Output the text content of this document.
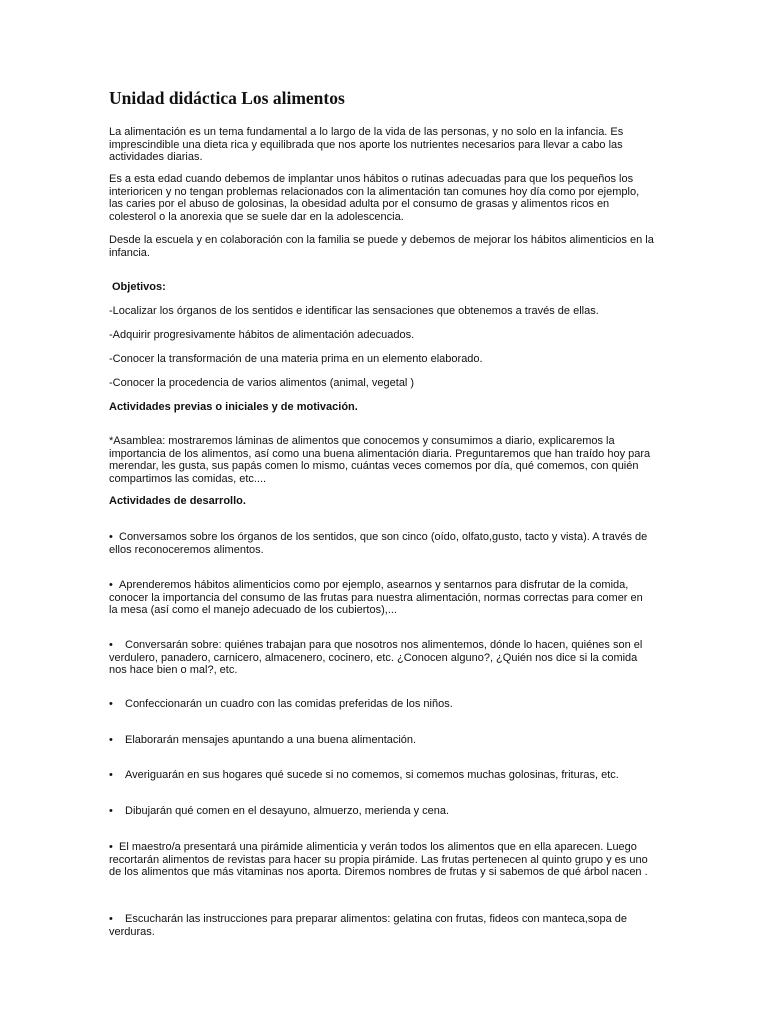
Unidad didáctica Los alimentos

La alimentación es un tema fundamental a lo largo de la vida de las personas, y no solo en la infancia. Es imprescindible una dieta rica y equilibrada que nos aporte los nutrientes necesarios para llevar a cabo las actividades diarias.

Es a esta edad cuando debemos de implantar unos hábitos o rutinas adecuadas para que los pequeños los interioricen y no tengan problemas relacionados con la alimentación tan comunes hoy día como por ejemplo, las caries por el abuso de golosinas, la obesidad adulta por el consumo de grasas y alimentos ricos en colesterol o la anorexia que se suele dar en la adolescencia.

Desde la escuela y en colaboración con la familia se puede y debemos de mejorar los hábitos alimenticios en la infancia.

Objetivos:

-Localizar los órganos de los sentidos e identificar las sensaciones que obtenemos a través de ellas.

-Adquirir progresivamente hábitos de alimentación adecuados.

-Conocer la transformación de una materia prima en un elemento elaborado.

-Conocer la procedencia de varios alimentos (animal, vegetal )

Actividades previas o iniciales y de motivación.

*Asamblea: mostraremos láminas de alimentos que conocemos y consumimos a diario, explicaremos la importancia de los alimentos, así como una buena alimentación diaria. Preguntaremos que han traído hoy para merendar, les gusta, sus papás comen lo mismo, cuántas veces comemos por día, qué comemos, con quién compartimos las comidas, etc....

Actividades de desarrollo.

• Conversamos sobre los órganos de los sentidos, que son cinco (oído, olfato,gusto, tacto y vista). A través de ellos reconoceremos alimentos.

• Aprenderemos hábitos alimenticios como por ejemplo, asearnos y sentarnos para disfrutar de la comida, conocer la importancia del consumo de las frutas para nuestra alimentación, normas correctas para comer en la mesa (así como el manejo adecuado de los cubiertos),...

• Conversarán sobre: quiénes trabajan para que nosotros nos alimentemos, dónde lo hacen, quiénes son el verdulero, panadero, carnicero, almacenero, cocinero, etc. ¿Conocen alguno?, ¿Quién nos dice si la comida nos hace bien o mal?, etc.

• Confeccionarán un cuadro con las comidas preferidas de los niños.

• Elaborarán mensajes apuntando a una buena alimentación.

• Averiguarán en sus hogares qué sucede si no comemos, si comemos muchas golosinas, frituras, etc.

• Dibujarán qué comen en el desayuno, almuerzo, merienda y cena.

• El maestro/a presentará una pirámide alimenticia y verán todos los alimentos que en ella aparecen. Luego recortarán alimentos de revistas para hacer su propia pirámide. Las frutas pertenecen al quinto grupo y es uno de los alimentos que más vitaminas nos aporta. Diremos nombres de frutas y si sabemos de qué árbol nacen .

• Escucharán las instrucciones para preparar alimentos: gelatina con frutas, fideos con manteca,sopa de verduras.
